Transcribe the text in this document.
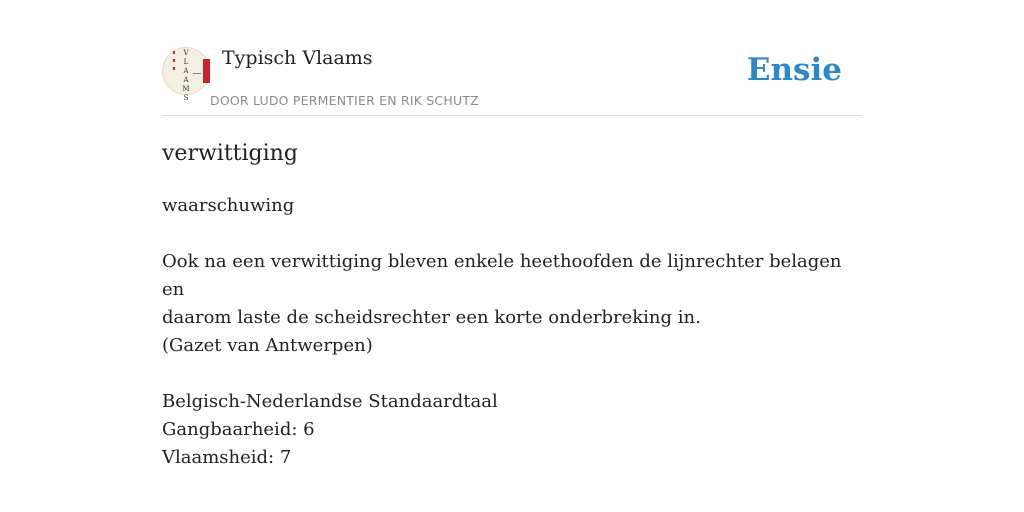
V
L
A
A
M
S
Typisch Vlaams
DOOR LUDO PERMENTIER EN RIK SCHUTZ
Ensie
verwittiging

waarschuwing

Ook na een verwittiging bleven enkele heethoofden de lijnrechter belagen en

daarom laste de scheidsrechter een korte onderbreking in.

(Gazet van Antwerpen)

Belgisch-Nederlandse Standaardtaal

Gangbaarheid: 6

Vlaamsheid: 7
